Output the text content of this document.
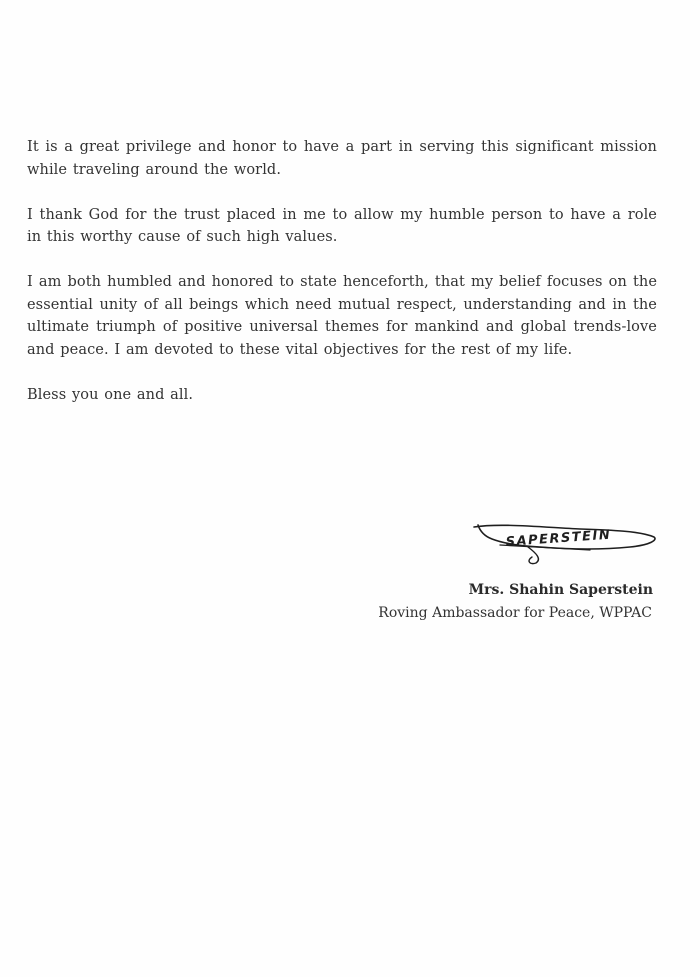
It is a great privilege and honor to have a part in serving this significant mission while traveling around the world.

I thank God for the trust placed in me to allow my humble person to have a role in this worthy cause of such high values.

I am both humbled and honored to state henceforth, that my belief focuses on the essential unity of all beings which need mutual respect, understanding and in the ultimate triumph of positive universal themes for mankind and global trends-love and peace. I am devoted to these vital objectives for the rest of my life.

Bless you one and all.

SAPERSTEIN
Mrs. Shahin Saperstein
Roving Ambassador for Peace, WPPAC
